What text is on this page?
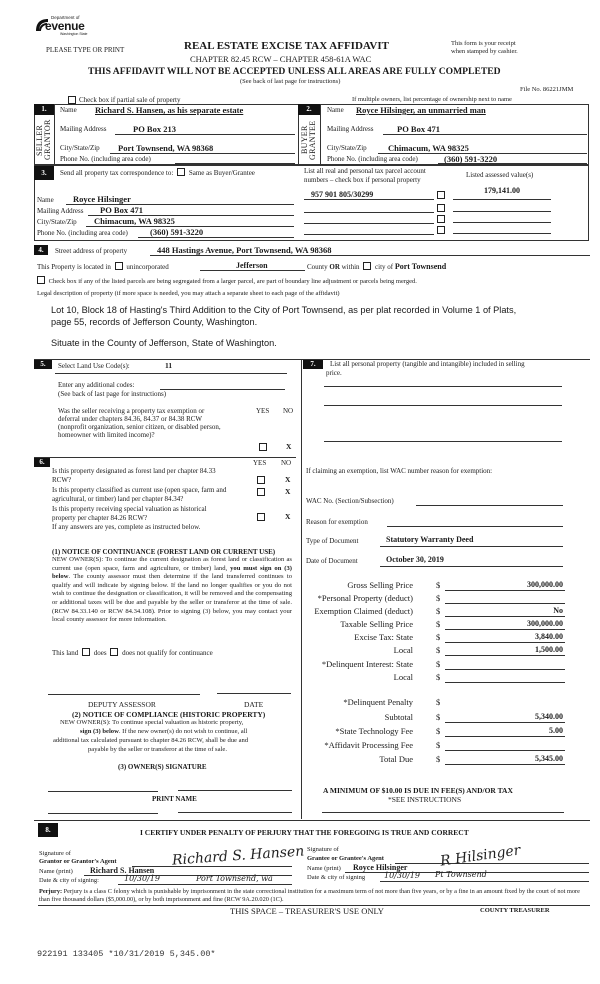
Department of
evenue
Washington State
PLEASE TYPE OR PRINT	REAL ESTATE EXCISE TAX AFFIDAVIT
CHAPTER 82.45 RCW – CHAPTER 458-61A WAC
This form is your receipt
when stamped by cashier.
THIS AFFIDAVIT WILL NOT BE ACCEPTED UNLESS ALL AREAS ARE FULLY COMPLETED
(See back of last page for instructions)
File No. 86221JMM
Check box if partial sale of property	If multiple owners, list percentage of ownership next to name
1.
SELLER
GRANTOR
Name Richard S. Hansen, as his separate estate
Mailing Address	PO Box 213
City/State/Zip Port Townsend, WA 98368
Phone No. (including area code)
2.
BUYER
GRANTEE
Name Royce Hilsinger, an unmarried man
Mailing Address	PO Box 471
City/State/Zip	Chimacum, WA 98325
Phone No. (including area code)	(360) 591-3220
3.	Send all property tax correspondence to: Same as Buyer/Grantee
Name Royce Hilsinger
Mailing Address PO Box 471
City/State/Zip Chimacum, WA 98325
Phone No. (including area code)	(360) 591-3220
List all real and personal tax parcel account
numbers – check box if personal property
Listed assessed value(s)
957 901 805/30299	179,141.00
4.	Street address of property	448 Hastings Avenue, Port Townsend, WA 98368
This Property is located in unincorporated	Jefferson	County OR within city of Port Townsend
Check box if any of the listed parcels are being segregated from a larger parcel, are part of boundary line adjustment or parcels being merged.
Legal description of property (if more space is needed, you may attach a separate sheet to each page of the affidavit)
Lot 10, Block 18 of Hasting's Third Addition to the City of Port Townsend, as per plat recorded in Volume 1 of Plats,
page 55, records of Jefferson County, Washington.
Situate in the County of Jefferson, State of Washington.
5.	Select Land Use Code(s):	11
Enter any additional codes:
(See back of last page for instructions)
YES NO
Was the seller receiving a property tax exemption or
deferral under chapters 84.36, 84.37 or 84.38 RCW
(nonprofit organization, senior citizen, or disabled person,
homeowner with limited income)?
X
6.	YES NO
Is this property designated as forest land per chapter 84.33
RCW?	X
Is this property classified as current use (open space, farm and
agricultural, or timber) land per chapter 84.34?
X
Is this property receiving special valuation as historical
property per chapter 84.26 RCW?	X
If any answers are yes, complete as instructed below.
(1) NOTICE OF CONTINUANCE (FOREST LAND OR CURRENT USE)
NEW OWNER(S): To continue the current designation as forest land or classification as current use (open space, farm and agriculture, or timber) land, you must sign on (3) below. The county assessor must then determine if the land transferred continues to qualify and will indicate by signing below. If the land no longer qualifies or you do not wish to continue the designation or classification, it will be removed and the compensating or additional taxes will be due and payable by the seller or transferor at the time of sale. (RCW 84.33.140 or RCW 84.34.108). Prior to signing (3) below, you may contact your local county assessor for more information.
This land does does not qualify for continuance
DEPUTY ASSESSOR	DATE
(2) NOTICE OF COMPLIANCE (HISTORIC PROPERTY)
NEW OWNER(S): To continue special valuation as historic property,
sign (3) below. If the new owner(s) do not wish to continue, all
additional tax calculated pursuant to chapter 84.26 RCW, shall be due and
payable by the seller or transferor at the time of sale.
(3) OWNER(S) SIGNATURE
PRINT NAME
7.	List all personal property (tangible and intangible) included in selling
price.
If claiming an exemption, list WAC number reason for exemption:
WAC No. (Section/Subsection)
Reason for exemption
Type of Document	Statutory Warranty Deed
Date of Document	October 30, 2019
Gross Selling Price	$	300,000.00
*Personal Property (deduct)	$
Exemption Claimed (deduct)	$	No
Taxable Selling Price	$	300,000.00
Excise Tax: State	$	3,840.00
Local	$	1,500.00
*Delinquent Interest: State	$
Local	$
*Delinquent Penalty	$
Subtotal	$	5,340.00
*State Technology Fee	$	5.00
*Affidavit Processing Fee	$
Total Due	$	5,345.00
A MINIMUM OF $10.00 IS DUE IN FEE(S) AND/OR TAX
*SEE INSTRUCTIONS
8.	I CERTIFY UNDER PENALTY OF PERJURY THAT THE FOREGOING IS TRUE AND CORRECT
Signature of
Grantor or Grantor's Agent	Richard S. Hansen
Name (print) Richard S. Hansen
Date & city of signing:	10/30/19	Port Townsend, wa
Signature of
Grantee or Grantee's Agent	R Hilsinger
Name (print) Royce Hilsinger
Date & city of signing 10/30/19 Pt Townsend
Perjury: Perjury is a class C felony which is punishable by imprisonment in the state correctional institution for a maximum term of not more than five years, or by a fine in an amount fixed by the court of not more than five thousand dollars ($5,000.00), or by both imprisonment and fine (RCW 9A.20.020 (1C).
THIS SPACE – TREASURER'S USE ONLY	COUNTY TREASURER
922191 133405 *10/31/2019 5,345.00*
